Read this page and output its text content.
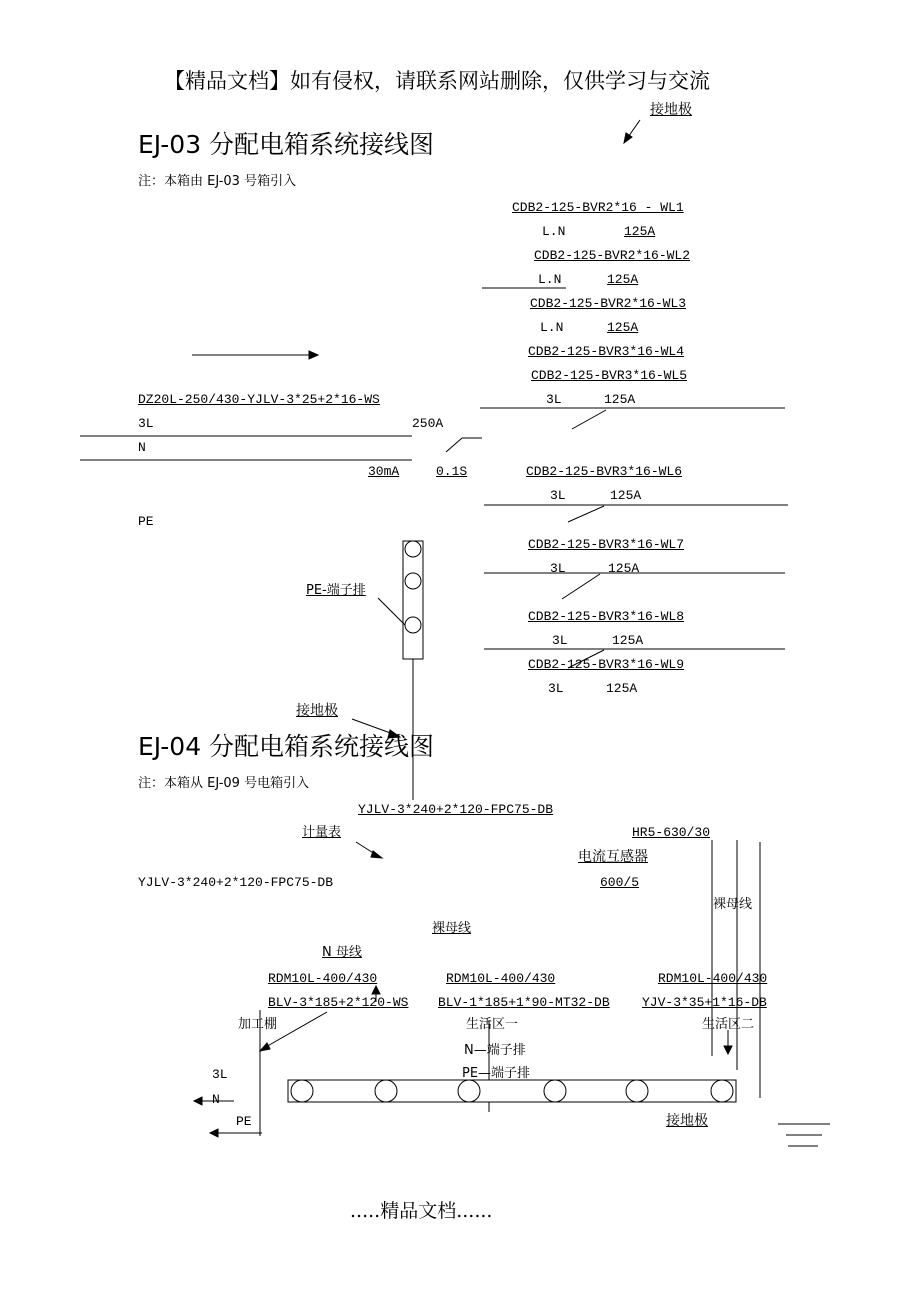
【精品文档】如有侵权，请联系网站删除，仅供学习与交流
.....精品文档......
接地极
EJ-03 分配电箱系统接线图
注：本箱由 EJ-03 号箱引入
CDB2-125-BVR2*16 - WL1
L.N	125A
CDB2-125-BVR2*16-WL2
L.N	125A
CDB2-125-BVR2*16-WL3
L.N	125A
CDB2-125-BVR3*16-WL4
CDB2-125-BVR3*16-WL5
3L	125A
DZ20L-250/430-YJLV-3*25+2*16-WS
3L	250A
N
30mA	0.1S	CDB2-125-BVR3*16-WL6
3L	125A
PE
CDB2-125-BVR3*16-WL7
3L	125A
PE-端子排
CDB2-125-BVR3*16-WL8
3L	125A
CDB2-125-BVR3*16-WL9
3L	125A
接地极
EJ-04 分配电箱系统接线图
注：本箱从 EJ-09 号电箱引入
YJLV-3*240+2*120-FPC75-DB
计量表	HR5-630/30
电流互感器
YJLV-3*240+2*120-FPC75-DB	600/5
裸母线
裸母线
N 母线
RDM10L-400/430	RDM10L-400/430	RDM10L-400/430
BLV-3*185+2*120-WS BLV-1*185+1*90-MT32-DB YJV-3*35+1*16-DB
加工棚	生活区一	生活区二
N—端子排
PE—端子排
3L
N
PE	接地极
